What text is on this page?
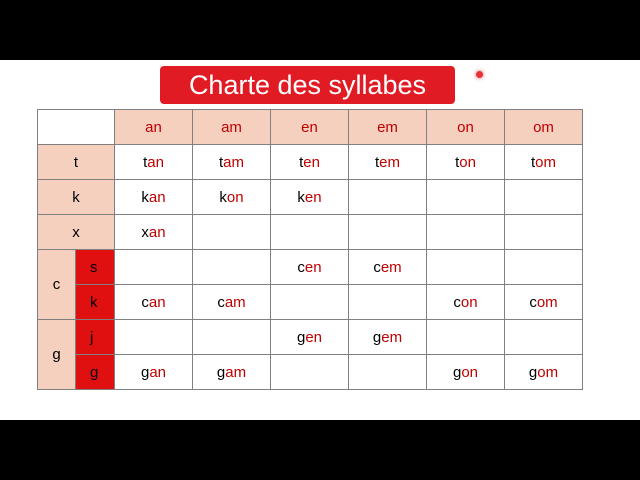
Charte des syllabes
		an	am	en	em	on	om
t		tan	tam	ten	tem	ton	tom
k		kan	kon	ken			
x		xan					
c	s			cen	cem		
	k	can	cam			con	com
g	j			gen	gem		
	g	gan	gam			gon	gom
